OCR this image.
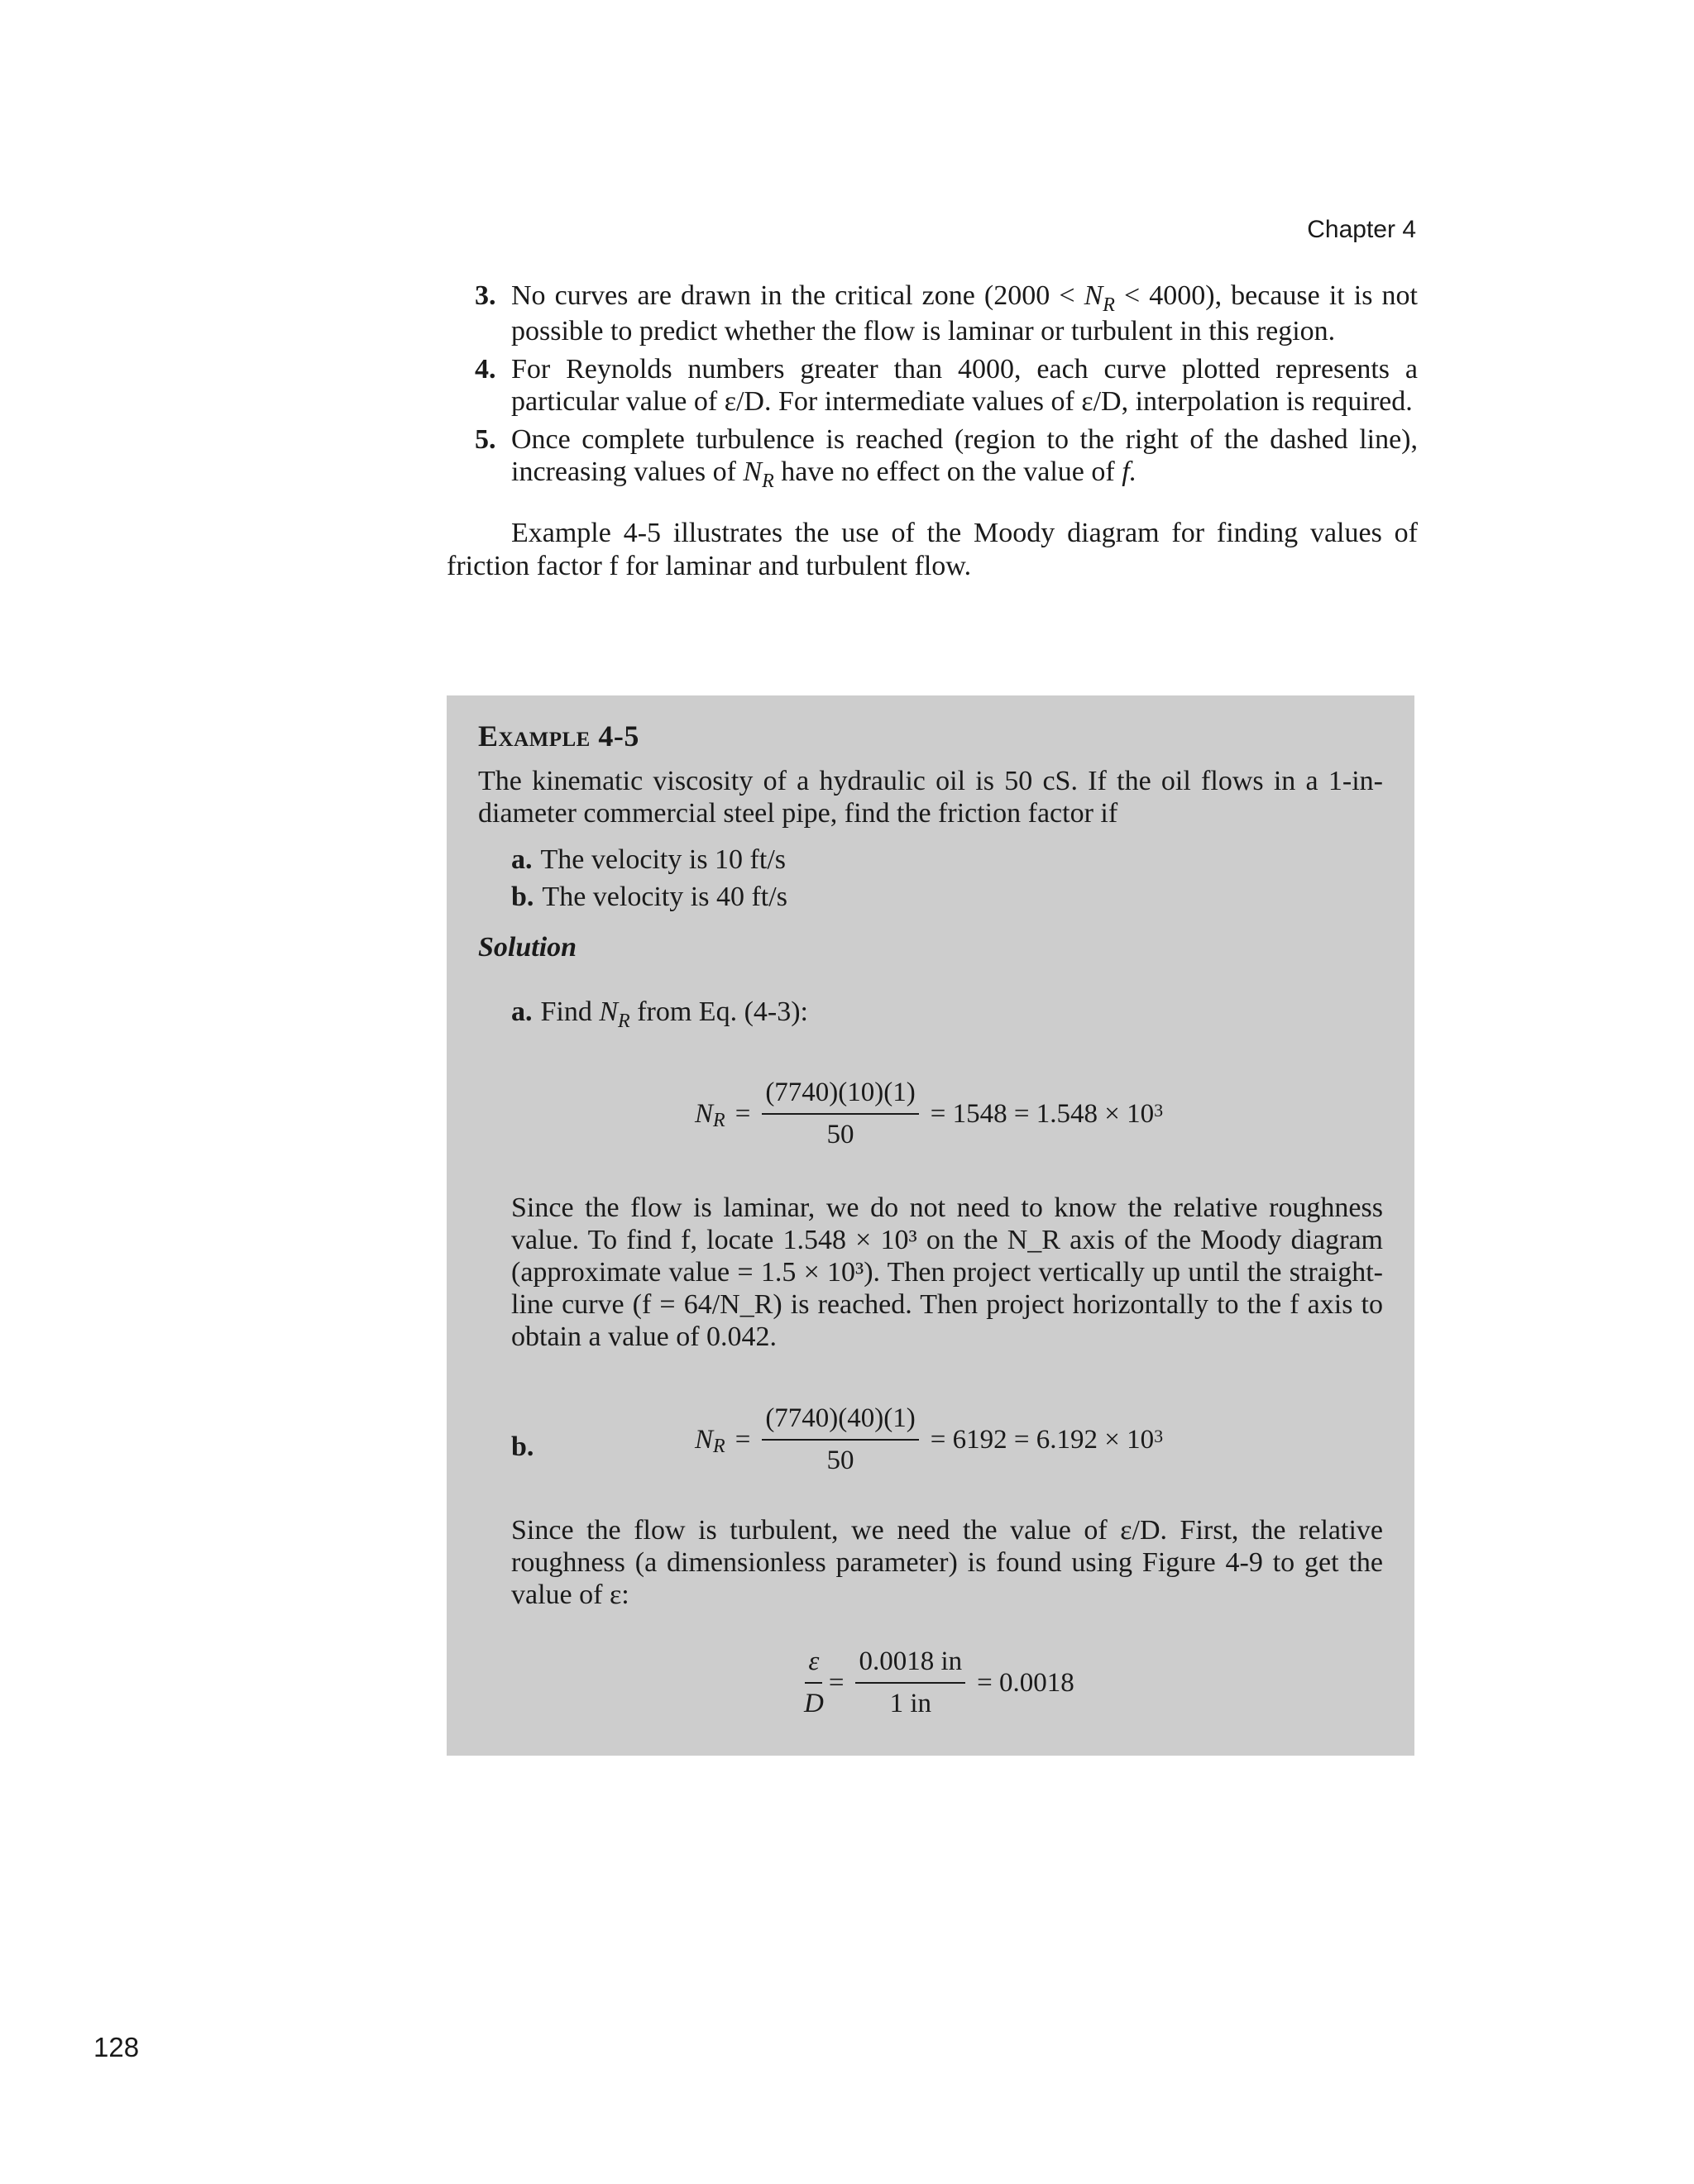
Chapter 4
3. No curves are drawn in the critical zone $(2000 < N_R < 4000)$, because it is not possible to predict whether the flow is laminar or turbulent in this region.
4. For Reynolds numbers greater than 4000, each curve plotted represents a particular value of ε/D. For intermediate values of ε/D, interpolation is required.
5. Once complete turbulence is reached (region to the right of the dashed line), increasing values of $N_R$ have no effect on the value of f.

Example 4-5 illustrates the use of the Moody diagram for finding values of friction factor f for laminar and turbulent flow.

Example 4-5

The kinematic viscosity of a hydraulic oil is 50 cS. If the oil flows in a 1-in-diameter commercial steel pipe, find the friction factor if

a. The velocity is 10 ft/s
b. The velocity is 40 ft/s
Solution
a. Find $N_R$ from Eq. (4-3):
N $R = \frac{(7740)(10)(1)}{50} = 1548 = 1.548 \times 10^3$

Since the flow is laminar, we do not need to know the relative roughness value. To find f, locate 1.548 × 10³ on the N_R axis of the Moody diagram (approximate value = 1.5 × 10³). Then project vertically up until the straight-line curve (f = 64/N_R) is reached. Then project horizontally to the f axis to obtain a value of 0.042.

b.	N $R = \frac{(7740)(40)(1)}{50} = 6192 = 6.192 \times 10^3$

Since the flow is turbulent, we need the value of ε/D. First, the relative roughness (a dimensionless parameter) is found using Figure 4-9 to get the value of ε:

$\frac{\varepsilon}{D} = \frac{0.0018 in}{1 in} = 0.0018$
128
